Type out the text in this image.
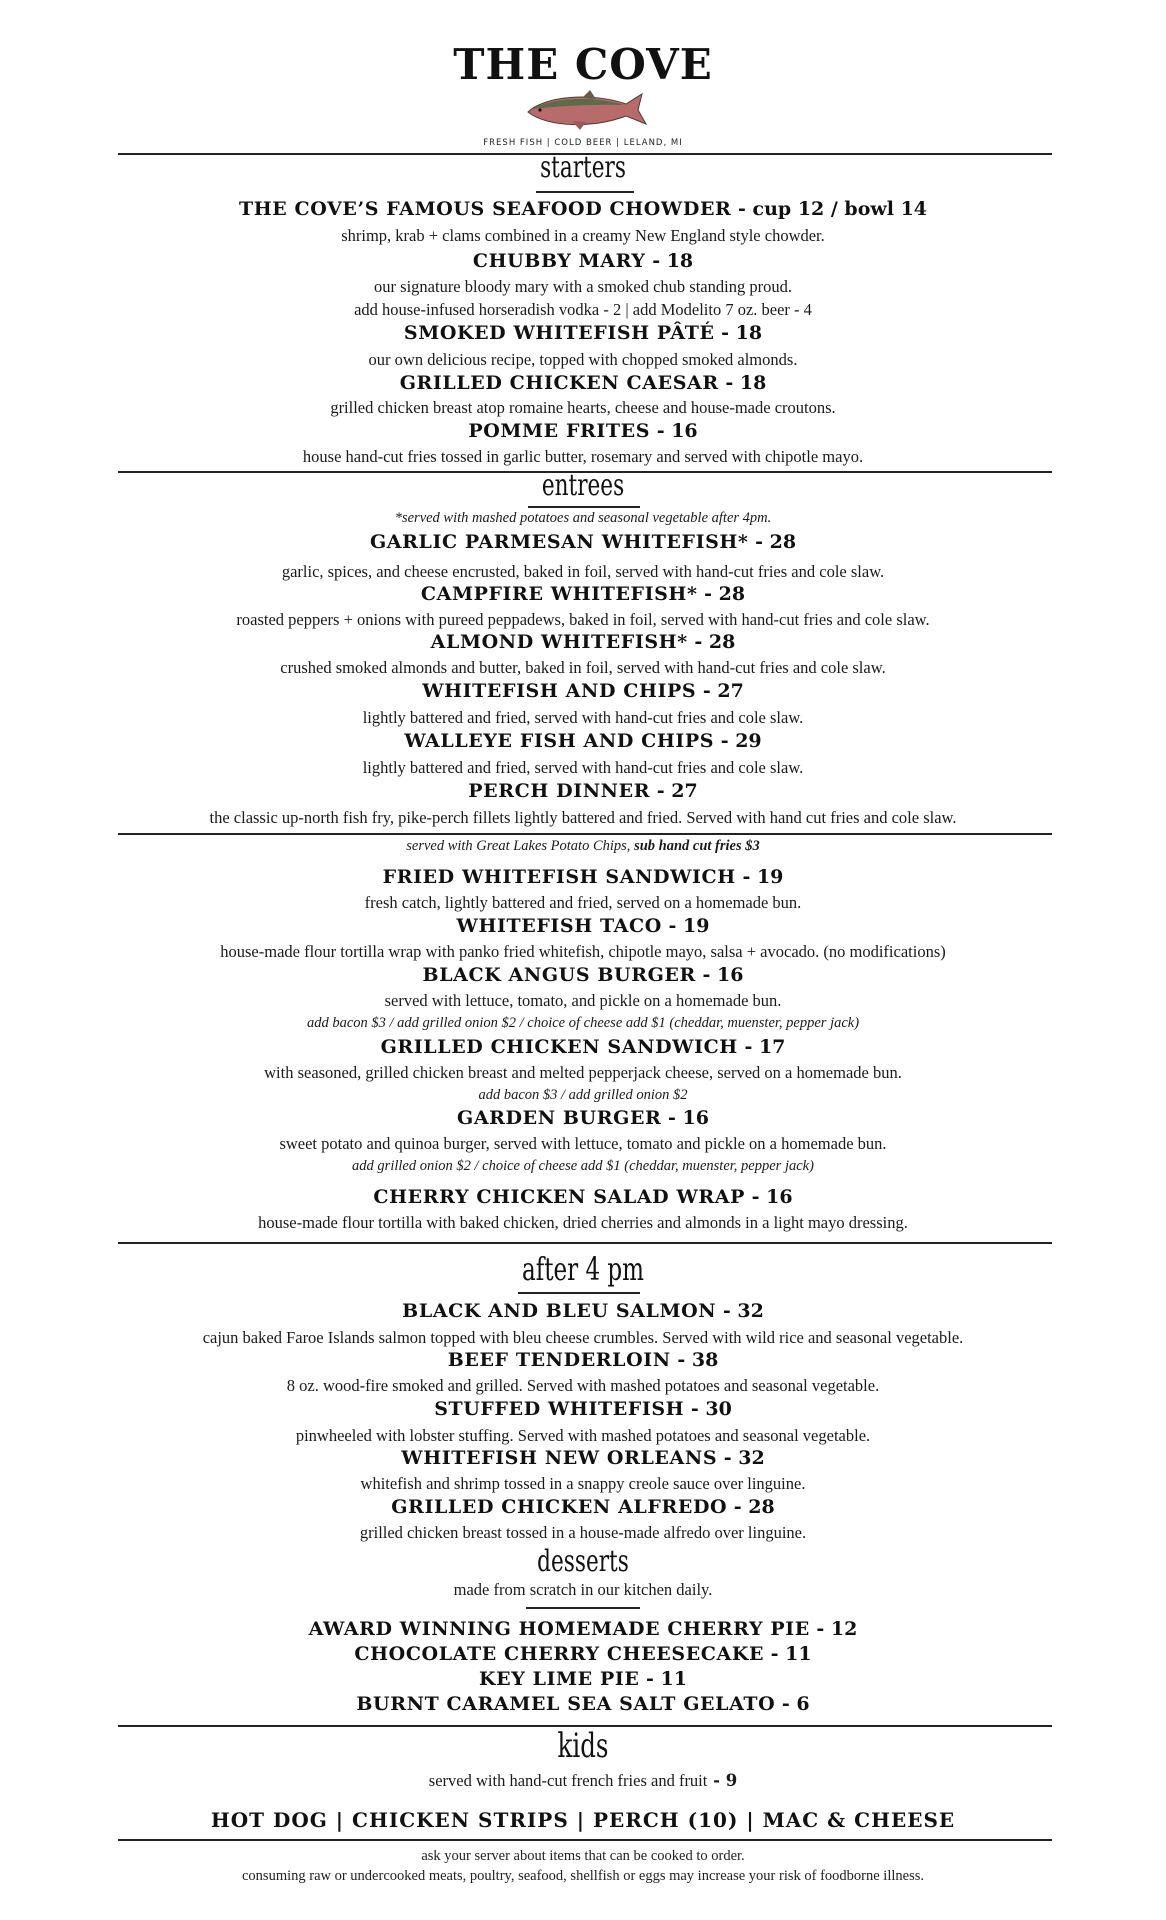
THE COVE
FRESH FISH | COLD BEER | LELAND, MI
starters
THE COVE’S FAMOUS SEAFOOD CHOWDER - cup 12 / bowl 14
shrimp, krab + clams combined in a creamy New England style chowder.
CHUBBY MARY - 18
our signature bloody mary with a smoked chub standing proud.
add house-infused horseradish vodka - 2 | add Modelito 7 oz. beer - 4
SMOKED WHITEFISH PÂTÉ - 18
our own delicious recipe, topped with chopped smoked almonds.
GRILLED CHICKEN CAESAR - 18
grilled chicken breast atop romaine hearts, cheese and house-made croutons.
POMME FRITES - 16
house hand-cut fries tossed in garlic butter, rosemary and served with chipotle mayo.
entrees
*served with mashed potatoes and seasonal vegetable after 4pm.
GARLIC PARMESAN WHITEFISH* - 28
garlic, spices, and cheese encrusted, baked in foil, served with hand-cut fries and cole slaw.
CAMPFIRE WHITEFISH* - 28
roasted peppers + onions with pureed peppadews, baked in foil, served with hand-cut fries and cole slaw.
ALMOND WHITEFISH* - 28
crushed smoked almonds and butter, baked in foil, served with hand-cut fries and cole slaw.
WHITEFISH AND CHIPS - 27
lightly battered and fried, served with hand-cut fries and cole slaw.
WALLEYE FISH AND CHIPS - 29
lightly battered and fried, served with hand-cut fries and cole slaw.
PERCH DINNER - 27
the classic up-north fish fry, pike-perch fillets lightly battered and fried. Served with hand cut fries and cole slaw.
served with Great Lakes Potato Chips, sub hand cut fries $3
FRIED WHITEFISH SANDWICH - 19
fresh catch, lightly battered and fried, served on a homemade bun.
WHITEFISH TACO - 19
house-made flour tortilla wrap with panko fried whitefish, chipotle mayo, salsa + avocado. (no modifications)
BLACK ANGUS BURGER - 16
served with lettuce, tomato, and pickle on a homemade bun.
add bacon $3 / add grilled onion $2 / choice of cheese add $1 (cheddar, muenster, pepper jack)
GRILLED CHICKEN SANDWICH - 17
with seasoned, grilled chicken breast and melted pepperjack cheese, served on a homemade bun.
add bacon $3 / add grilled onion $2
GARDEN BURGER - 16
sweet potato and quinoa burger, served with lettuce, tomato and pickle on a homemade bun.
add grilled onion $2 / choice of cheese add $1 (cheddar, muenster, pepper jack)
CHERRY CHICKEN SALAD WRAP - 16
house-made flour tortilla with baked chicken, dried cherries and almonds in a light mayo dressing.
after 4 pm
BLACK AND BLEU SALMON - 32
cajun baked Faroe Islands salmon topped with bleu cheese crumbles. Served with wild rice and seasonal vegetable.
BEEF TENDERLOIN - 38
8 oz. wood-fire smoked and grilled. Served with mashed potatoes and seasonal vegetable.
STUFFED WHITEFISH - 30
pinwheeled with lobster stuffing. Served with mashed potatoes and seasonal vegetable.
WHITEFISH NEW ORLEANS - 32
whitefish and shrimp tossed in a snappy creole sauce over linguine.
GRILLED CHICKEN ALFREDO - 28
grilled chicken breast tossed in a house-made alfredo over linguine.
desserts
made from scratch in our kitchen daily.
AWARD WINNING HOMEMADE CHERRY PIE - 12
CHOCOLATE CHERRY CHEESECAKE - 11
KEY LIME PIE - 11
BURNT CARAMEL SEA SALT GELATO - 6
kids
served with hand-cut french fries and fruit - 9
HOT DOG | CHICKEN STRIPS | PERCH (10) | MAC & CHEESE
ask your server about items that can be cooked to order.
consuming raw or undercooked meats, poultry, seafood, shellfish or eggs may increase your risk of foodborne illness.
